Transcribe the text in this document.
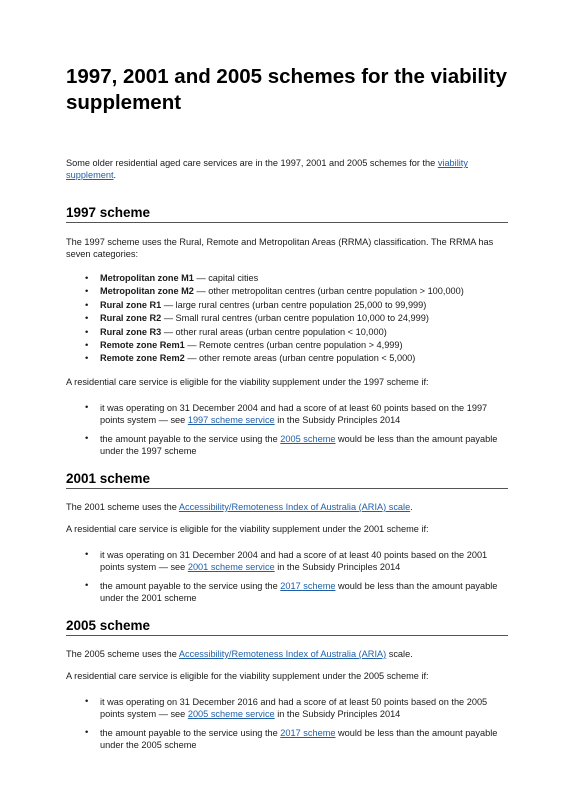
1997, 2001 and 2005 schemes for the viability supplement

Some older residential aged care services are in the 1997, 2001 and 2005 schemes for the viability supplement.

1997 scheme

The 1997 scheme uses the Rural, Remote and Metropolitan Areas (RRMA) classification. The RRMA has seven categories:

• Metropolitan zone M1 — capital cities
• Metropolitan zone M2 — other metropolitan centres (urban centre population > 100,000)
• Rural zone R1 — large rural centres (urban centre population 25,000 to 99,999)
• Rural zone R2 — Small rural centres (urban centre population 10,000 to 24,999)
• Rural zone R3 — other rural areas (urban centre population < 10,000)
• Remote zone Rem1 — Remote centres (urban centre population > 4,999)
• Remote zone Rem2 — other remote areas (urban centre population < 5,000)

A residential care service is eligible for the viability supplement under the 1997 scheme if:

• it was operating on 31 December 2004 and had a score of at least 60 points based on the 1997 points system — see 1997 scheme service in the Subsidy Principles 2014
• the amount payable to the service using the 2005 scheme would be less than the amount payable under the 1997 scheme
2001 scheme

The 2001 scheme uses the Accessibility/Remoteness Index of Australia (ARIA) scale.

A residential care service is eligible for the viability supplement under the 2001 scheme if:

• it was operating on 31 December 2004 and had a score of at least 40 points based on the 2001 points system — see 2001 scheme service in the Subsidy Principles 2014
• the amount payable to the service using the 2017 scheme would be less than the amount payable under the 2001 scheme
2005 scheme

The 2005 scheme uses the Accessibility/Remoteness Index of Australia (ARIA) scale.

A residential care service is eligible for the viability supplement under the 2005 scheme if:

• it was operating on 31 December 2016 and had a score of at least 50 points based on the 2005 points system — see 2005 scheme service in the Subsidy Principles 2014
• the amount payable to the service using the 2017 scheme would be less than the amount payable under the 2005 scheme
